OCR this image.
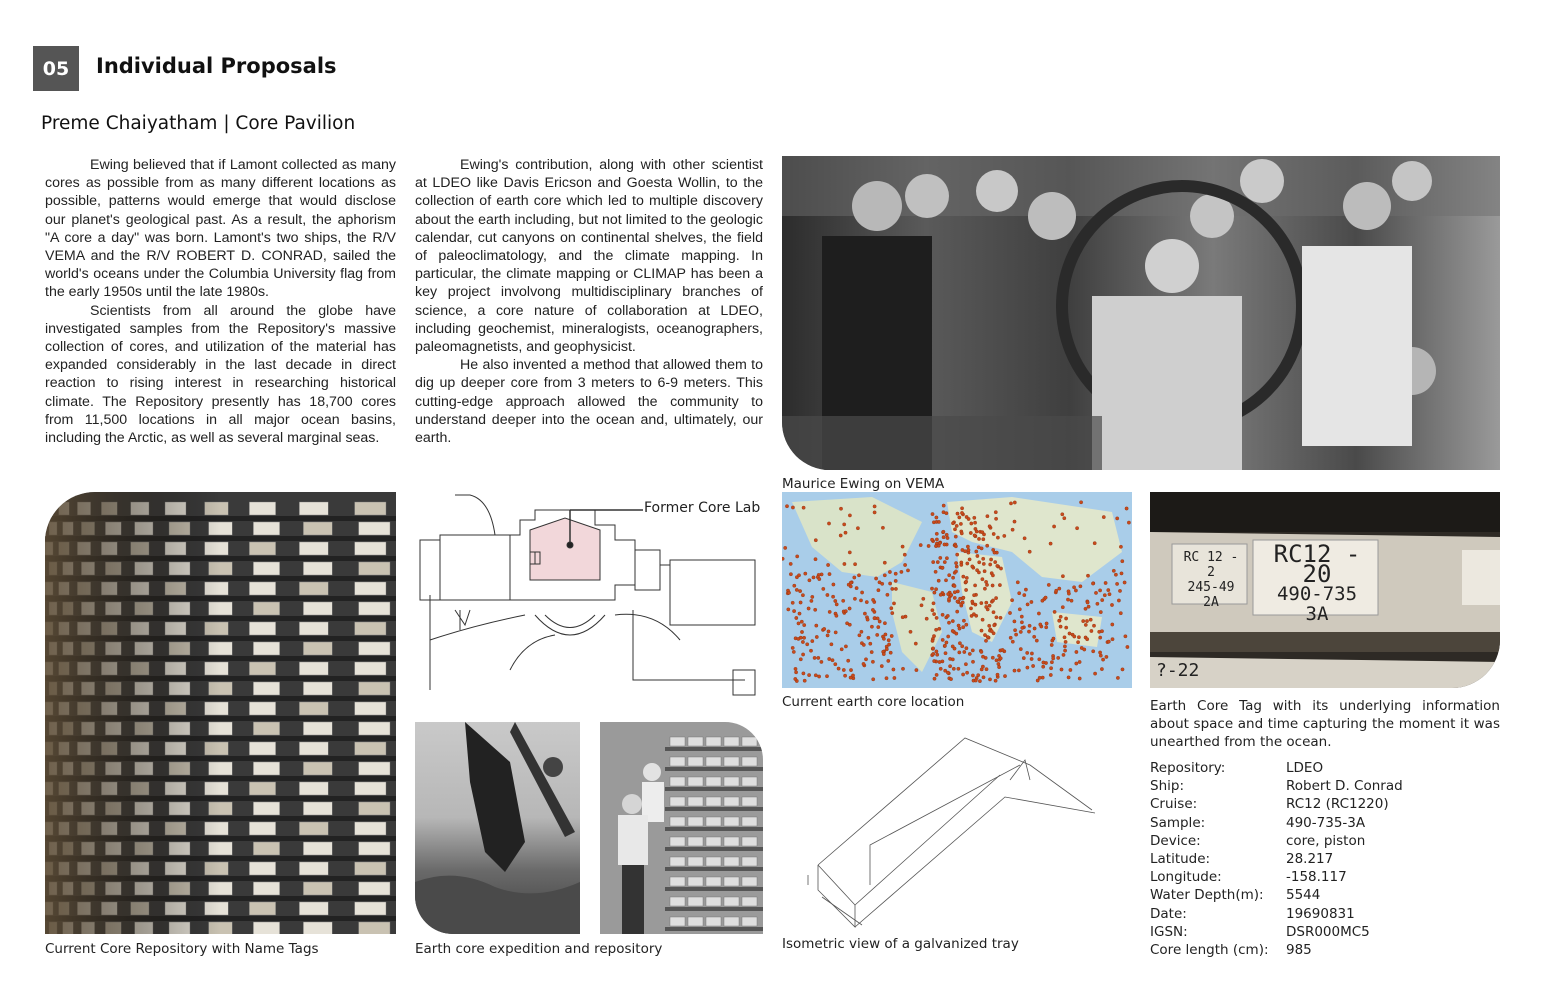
05	Individual Proposals
Preme Chaiyatham | Core Pavilion

Ewing believed that if Lamont collected as many cores as possible from as many different locations as possible, patterns would emerge that would disclose our planet's geological past. As a result, the aphorism "A core a day" was born. Lamont's two ships, the R/V VEMA and the R/V ROBERT D. CONRAD, sailed the world's oceans under the Columbia University flag from the early 1950s until the late 1980s.

Scientists from all around the globe have investigated samples from the Repository's massive collection of cores, and utilization of the material has expanded considerably in the last decade in direct reaction to rising interest in researching historical climate. The Repository presently has 18,700 cores from 11,500 locations in all major ocean basins, including the Arctic, as well as several marginal seas.

Ewing's contribution, along with other scientist at LDEO like Davis Ericson and Goesta Wollin, to the collection of earth core which led to multiple discovery about the earth including, but not limited to the geologic calendar, cut canyons on continental shelves, the field of paleoclimatology, and the climate mapping. In particular, the climate mapping or CLIMAP has been a key project involvong multidisciplinary branches of science, a core nature of collaboration at LDEO, including geochemist, mineralogists, oceanographers, paleomagnetists, and geophysicist.

He also invented a method that allowed them to dig up deeper core from 3 meters to 6-9 meters. This cutting-edge approach allowed the community to understand deeper into the ocean and, ultimately, our earth.

Maurice Ewing on VEMA
Current Core Repository with Name Tags
Former Core Lab
Earth core expedition and repository
Current earth core location
RC12 - 20
490-735
3A
RC 12 - 2
245-49
2A
?-22
Earth Core Tag with its underlying information about space and time capturing the moment it was unearthed from the ocean.
Repository:	LDEO
Ship:	Robert D. Conrad
Cruise:	RC12 (RC1220)
Sample:	490-735-3A
Device:	core, piston
Latitude:	28.217
Longitude:	-158.117
Water Depth(m):	5544
Date:	19690831
IGSN:	DSR000MC5
Core length (cm):	985
Isometric view of a galvanized tray
